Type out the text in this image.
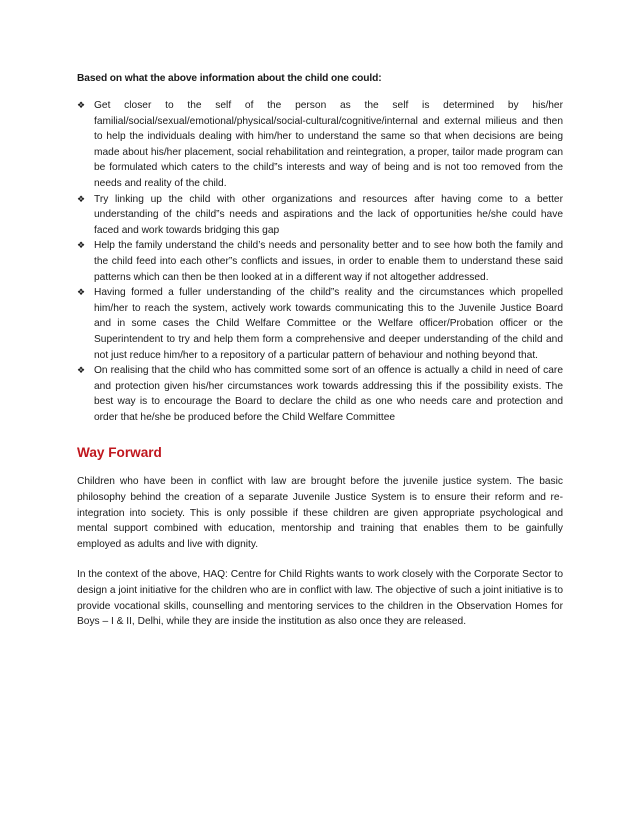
Based on what the above information about the child one could:

❖ Get closer to the self of the person as the self is determined by his/her familial/social/sexual/emotional/physical/social-cultural/cognitive/internal and external milieus and then to help the individuals dealing with him/her to understand the same so that when decisions are being made about his/her placement, social rehabilitation and reintegration, a proper, tailor made program can be formulated which caters to the child”s interests and way of being and is not too removed from the needs and reality of the child.
❖ Try linking up the child with other organizations and resources after having come to a better understanding of the child”s needs and aspirations and the lack of opportunities he/she could have faced and work towards bridging this gap
❖ Help the family understand the child’s needs and personality better and to see how both the family and the child feed into each other”s conflicts and issues, in order to enable them to understand these said patterns which can then be then looked at in a different way if not altogether addressed.
❖ Having formed a fuller understanding of the child”s reality and the circumstances which propelled him/her to reach the system, actively work towards communicating this to the Juvenile Justice Board and in some cases the Child Welfare Committee or the Welfare officer/Probation officer or the Superintendent to try and help them form a comprehensive and deeper understanding of the child and not just reduce him/her to a repository of a particular pattern of behaviour and nothing beyond that.
❖ On realising that the child who has committed some sort of an offence is actually a child in need of care and protection given his/her circumstances work towards addressing this if the possibility exists. The best way is to encourage the Board to declare the child as one who needs care and protection and order that he/she be produced before the Child Welfare Committee
Way Forward

Children who have been in conflict with law are brought before the juvenile justice system. The basic philosophy behind the creation of a separate Juvenile Justice System is to ensure their reform and re-integration into society. This is only possible if these children are given appropriate psychological and mental support combined with education, mentorship and training that enables them to be gainfully employed as adults and live with dignity.

In the context of the above, HAQ: Centre for Child Rights wants to work closely with the Corporate Sector to design a joint initiative for the children who are in conflict with law. The objective of such a joint initiative is to provide vocational skills, counselling and mentoring services to the children in the Observation Homes for Boys – I & II, Delhi, while they are inside the institution as also once they are released.
